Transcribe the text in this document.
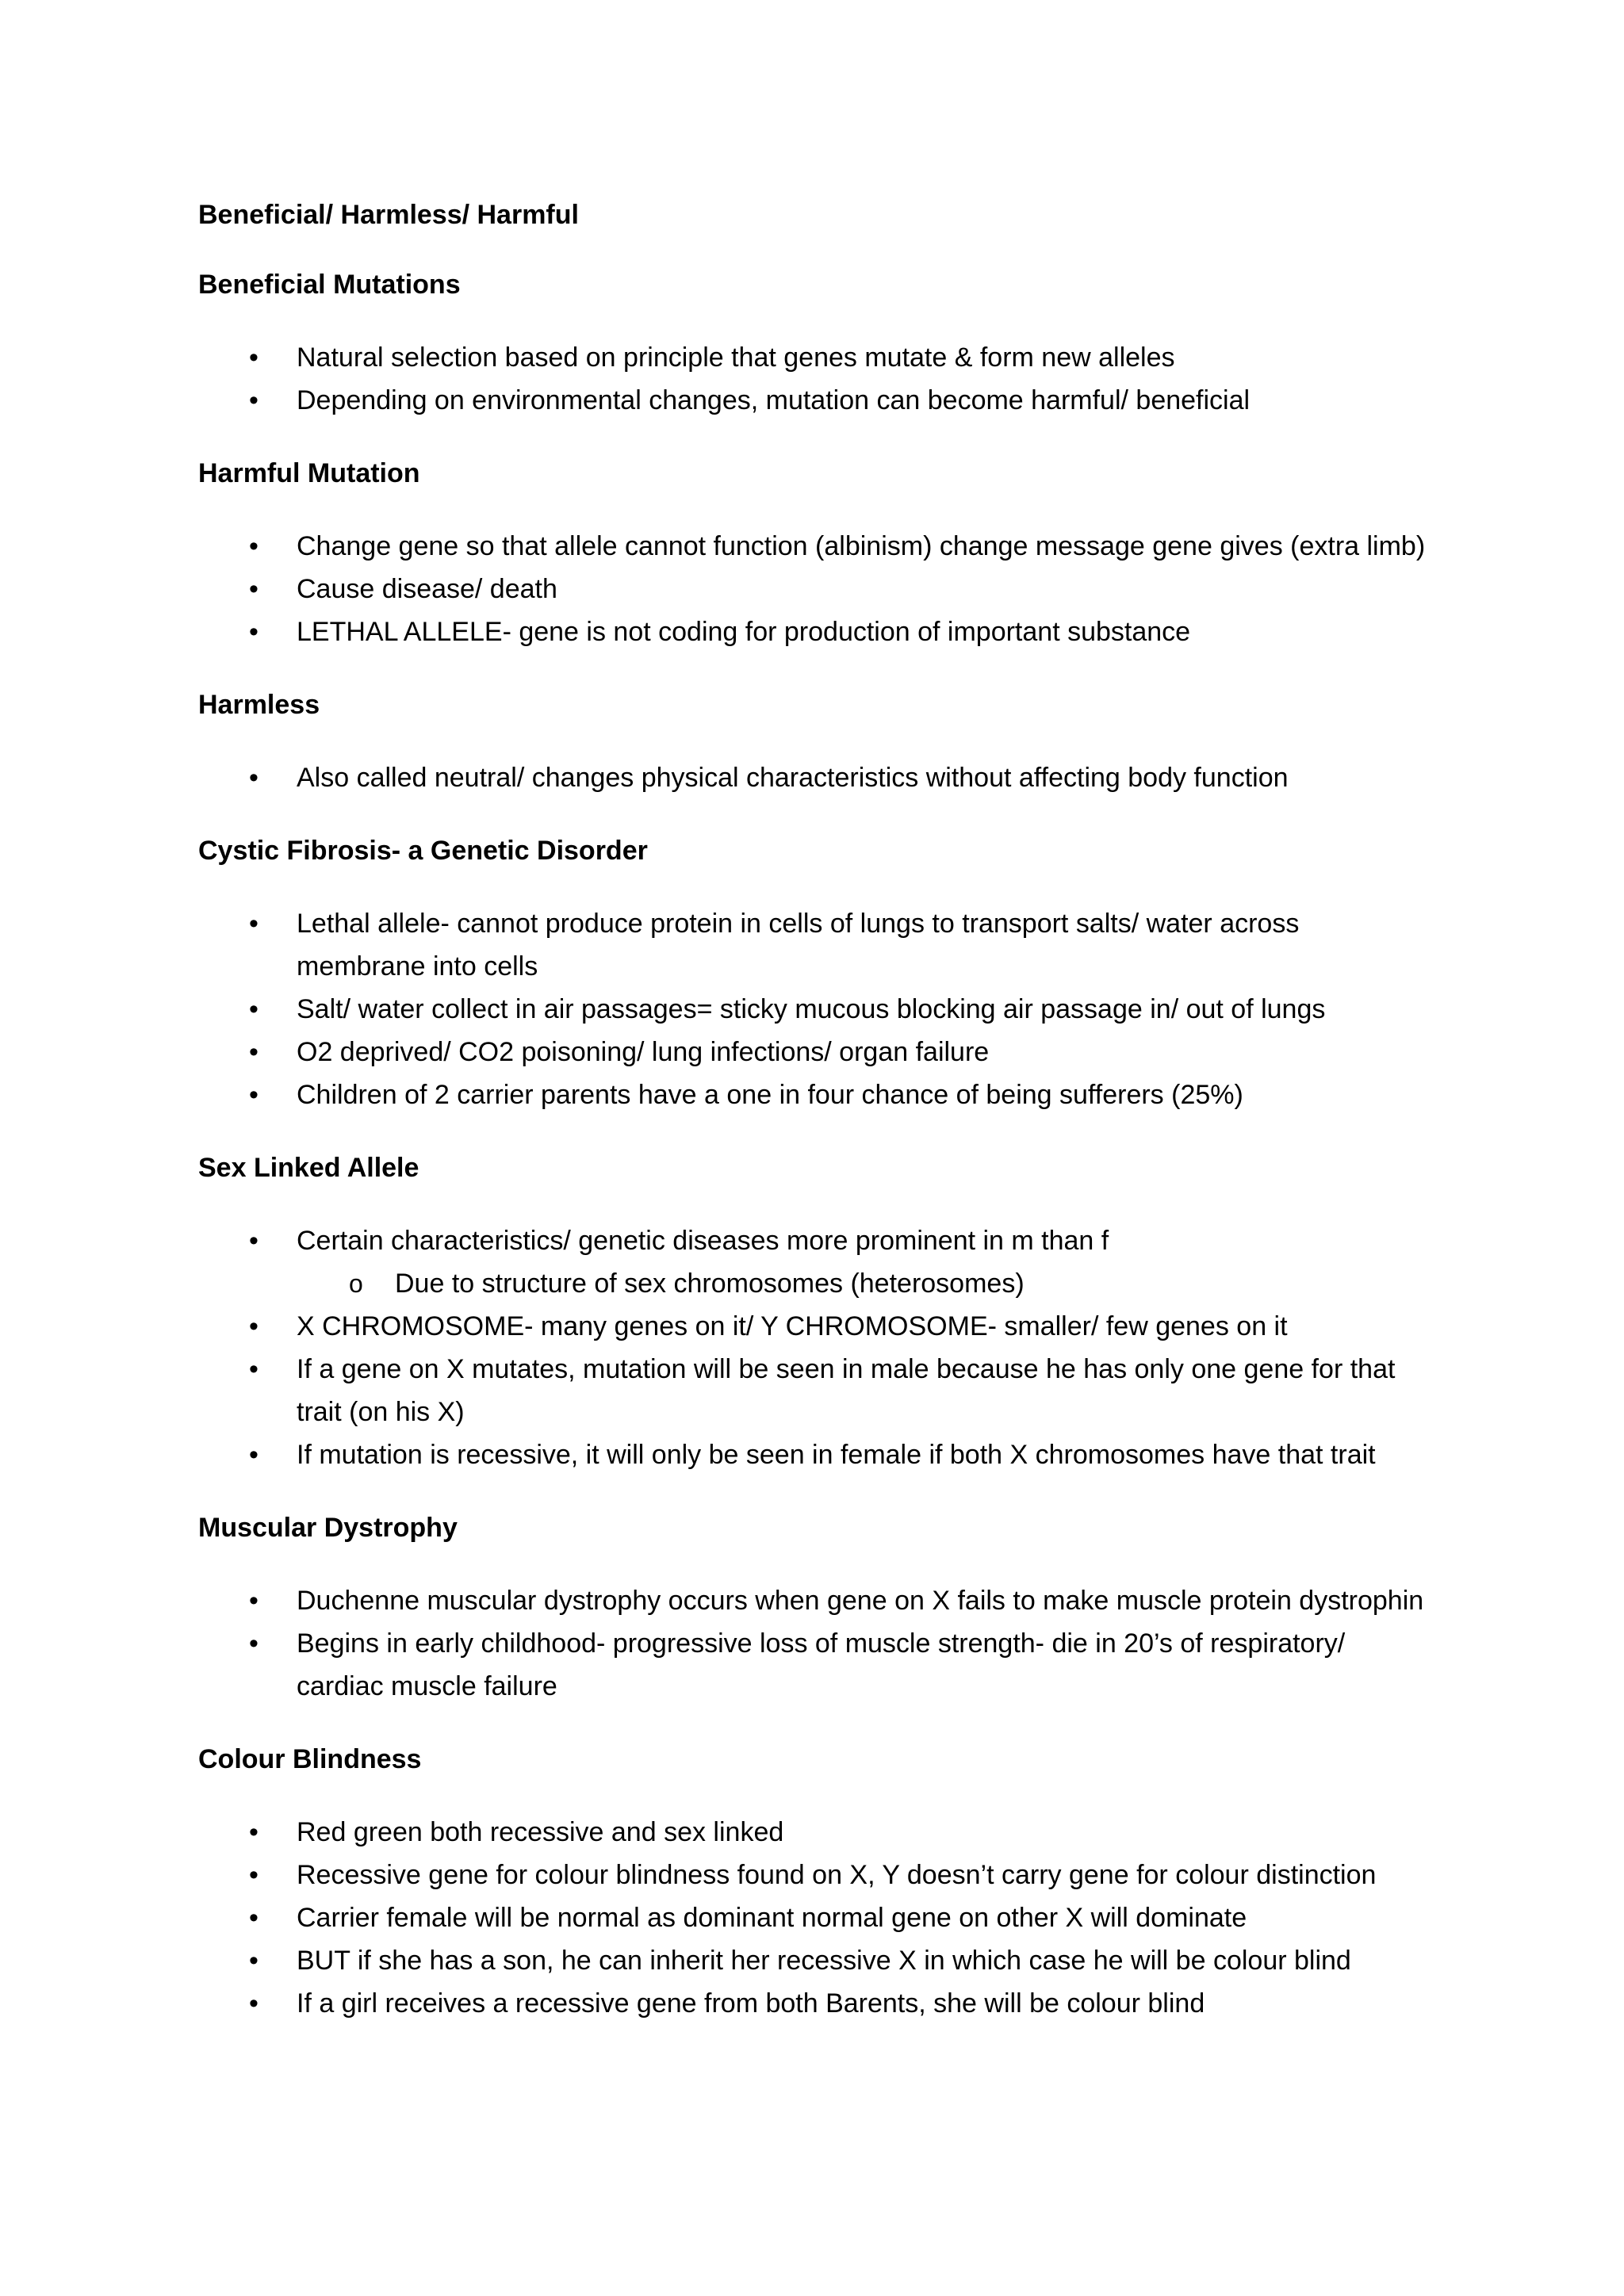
Beneficial/ Harmless/ Harmful
Beneficial Mutations
• Natural selection based on principle that genes mutate & form new alleles
• Depending on environmental changes, mutation can become harmful/ beneficial
Harmful Mutation
• Change gene so that allele cannot function (albinism) change message gene gives (extra limb)
• Cause disease/ death
• LETHAL ALLELE- gene is not coding for production of important substance
Harmless
• Also called neutral/ changes physical characteristics without affecting body function
Cystic Fibrosis- a Genetic Disorder
• Lethal allele- cannot produce protein in cells of lungs to transport salts/ water across membrane into cells
• Salt/ water collect in air passages= sticky mucous blocking air passage in/ out of lungs
• O2 deprived/ CO2 poisoning/ lung infections/ organ failure
• Children of 2 carrier parents have a one in four chance of being sufferers (25%)
Sex Linked Allele
• Certain characteristics/ genetic diseases more prominent in m than f
o Due to structure of sex chromosomes (heterosomes)
• X CHROMOSOME- many genes on it/ Y CHROMOSOME- smaller/ few genes on it
• If a gene on X mutates, mutation will be seen in male because he has only one gene for that trait (on his X)
• If mutation is recessive, it will only be seen in female if both X chromosomes have that trait
Muscular Dystrophy
• Duchenne muscular dystrophy occurs when gene on X fails to make muscle protein dystrophin
• Begins in early childhood- progressive loss of muscle strength- die in 20’s of respiratory/ cardiac muscle failure
Colour Blindness
• Red green both recessive and sex linked
• Recessive gene for colour blindness found on X, Y doesn’t carry gene for colour distinction
• Carrier female will be normal as dominant normal gene on other X will dominate
• BUT if she has a son, he can inherit her recessive X in which case he will be colour blind
• If a girl receives a recessive gene from both Barents, she will be colour blind
